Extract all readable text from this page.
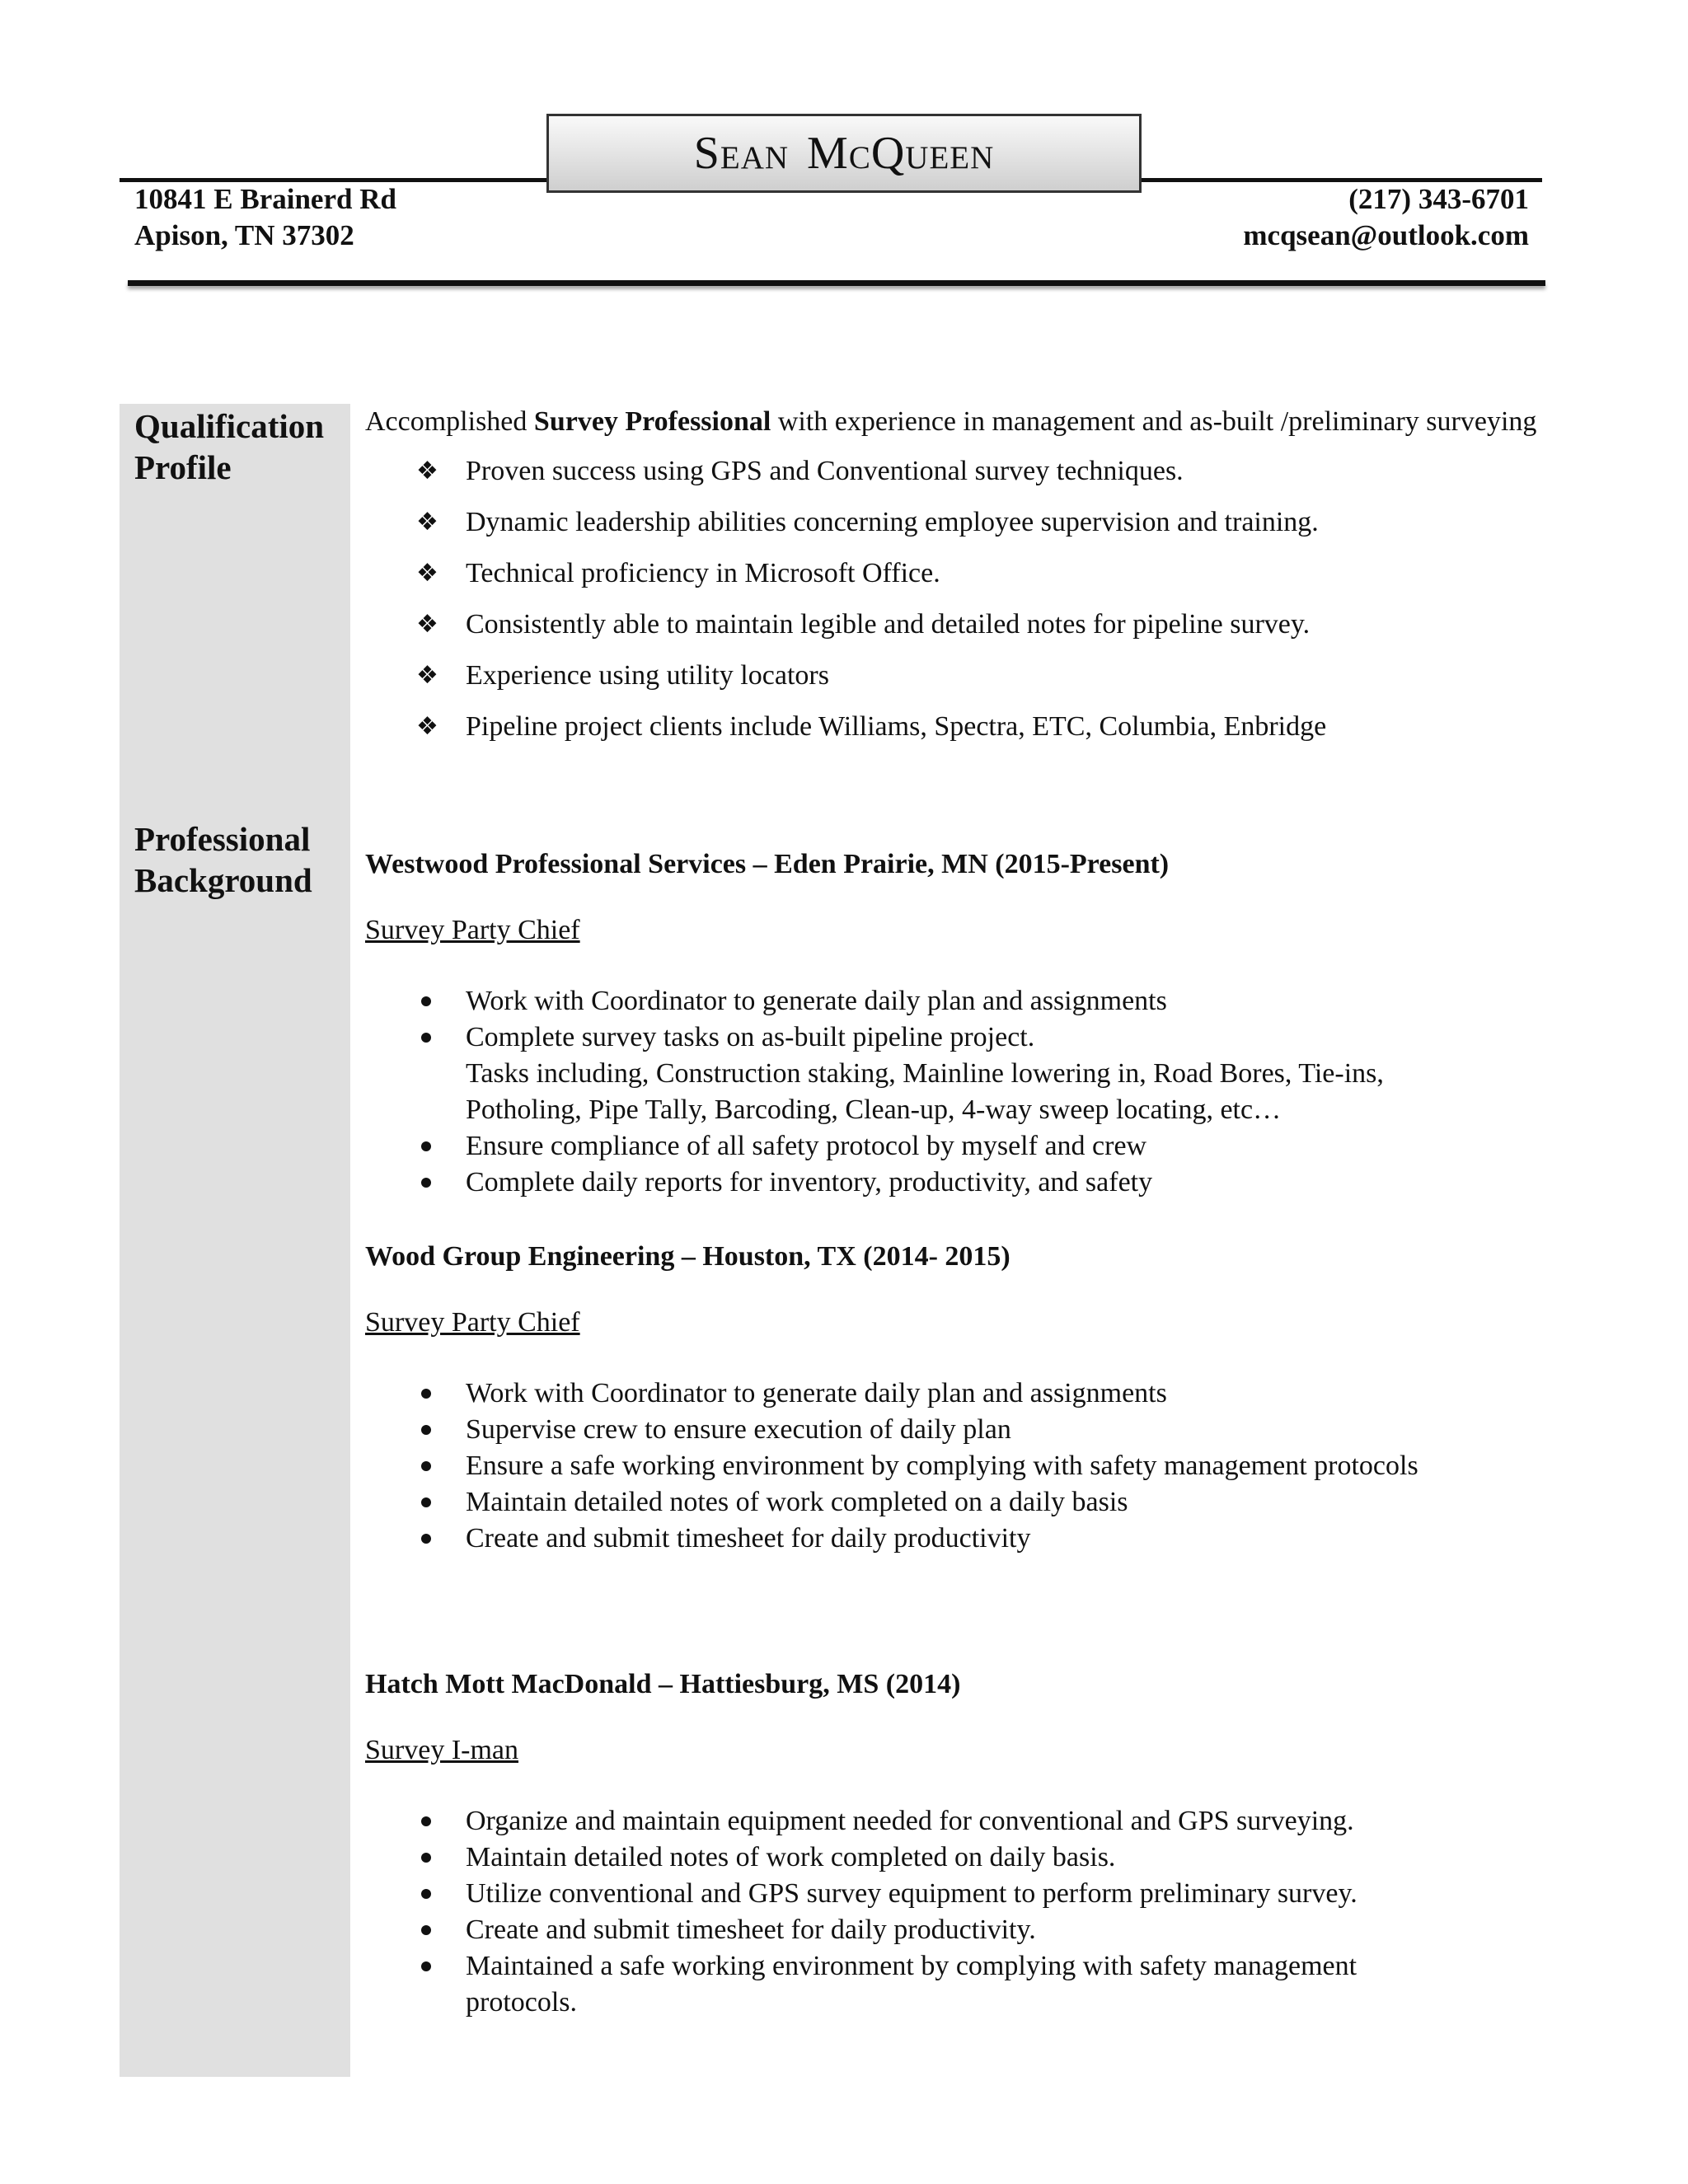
Sean McQueen
10841 E Brainerd Rd
Apison, TN 37302
(217) 343-6701
mcqsean@outlook.com
Qualification
Profile
Professional
Background
Accomplished Survey Professional with experience in management and as-built /preliminary surveying
❖ Proven success using GPS and Conventional survey techniques.
❖ Dynamic leadership abilities concerning employee supervision and training.
❖ Technical proficiency in Microsoft Office.
❖ Consistently able to maintain legible and detailed notes for pipeline survey.
❖ Experience using utility locators
❖ Pipeline project clients include Williams, Spectra, ETC, Columbia, Enbridge

Westwood Professional Services – Eden Prairie, MN (2015-Present)

Survey Party Chief

Work with Coordinator to generate daily plan and assignments
Complete survey tasks on as-built pipeline project.
Tasks including, Construction staking, Mainline lowering in, Road Bores, Tie-ins,
Potholing, Pipe Tally, Barcoding, Clean-up, 4-way sweep locating, etc…
Ensure compliance of all safety protocol by myself and crew
Complete daily reports for inventory, productivity, and safety

Wood Group Engineering – Houston, TX (2014- 2015)

Survey Party Chief

Work with Coordinator to generate daily plan and assignments
Supervise crew to ensure execution of daily plan
Ensure a safe working environment by complying with safety management protocols
Maintain detailed notes of work completed on a daily basis
Create and submit timesheet for daily productivity

Hatch Mott MacDonald – Hattiesburg, MS (2014)

Survey I-man

Organize and maintain equipment needed for conventional and GPS surveying.
Maintain detailed notes of work completed on daily basis.
Utilize conventional and GPS survey equipment to perform preliminary survey.
Create and submit timesheet for daily productivity.
Maintained a safe working environment by complying with safety management
protocols.
